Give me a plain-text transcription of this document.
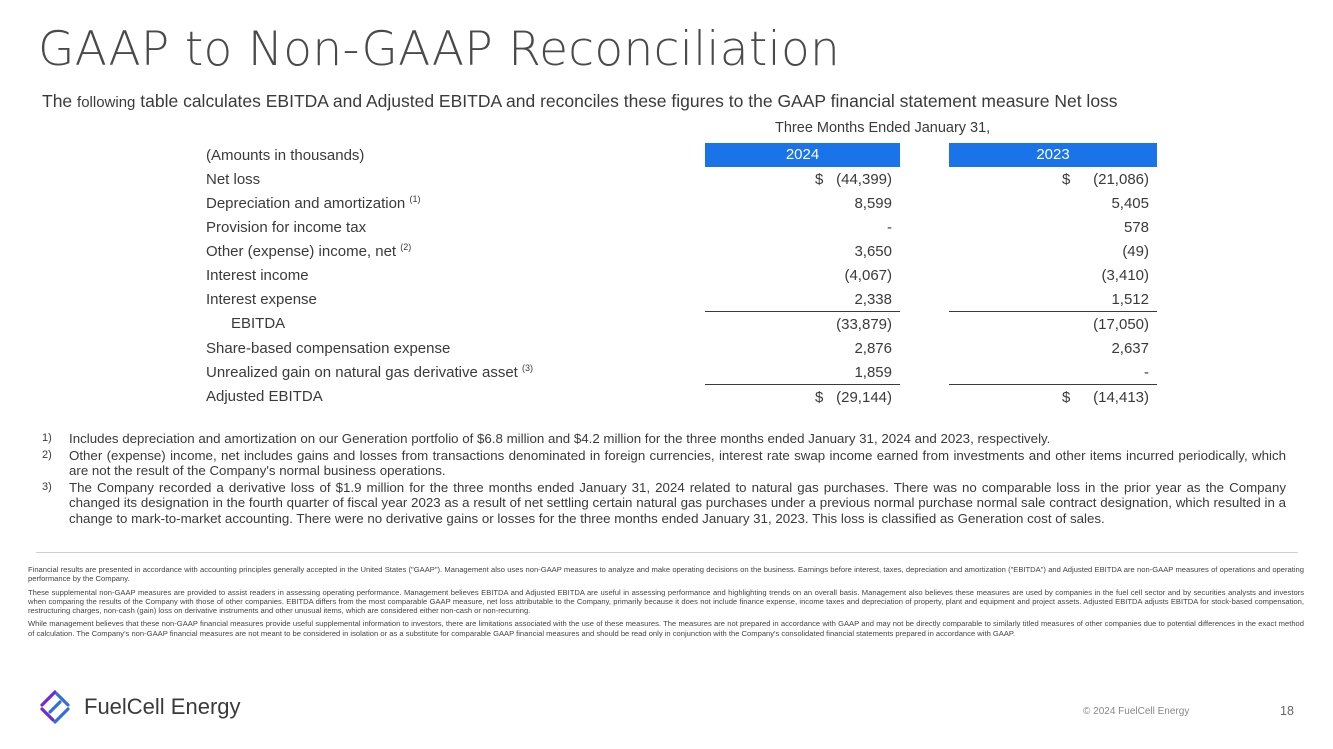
GAAP to Non-GAAP Reconciliation
The following table calculates EBITDA and Adjusted EBITDA and reconciles these figures to the GAAP financial statement measure Net loss
Three Months Ended January 31,
(Amounts in thousands)	2024		2023

Net loss	$ (44,399)		$ (21,086)

Depreciation and amortization $^{(1)}$	8,599		5,405

Provision for income tax	-		578

Other (expense) income, net $^{(2)}$	3,650		(49)

Interest income	(4,067)		(3,410)

Interest expense	2,338		1,512

EBITDA	(33,879)		(17,050)

Share-based compensation expense	2,876		2,637

Unrealized gain on natural gas derivative asset $^{(3)}$	1,859		-

Adjusted EBITDA	$ (29,144)		$ (14,413)
1)	Includes depreciation and amortization on our Generation portfolio of $6.8 million and $4.2 million for the three months ended January 31, 2024 and 2023, respectively.
2)	Other (expense) income, net includes gains and losses from transactions denominated in foreign currencies, interest rate swap income earned from investments and other items incurred periodically, which are not the result of the Company's normal business operations.
3)	The Company recorded a derivative loss of $1.9 million for the three months ended January 31, 2024 related to natural gas purchases. There was no comparable loss in the prior year as the Company changed its designation in the fourth quarter of fiscal year 2023 as a result of net settling certain natural gas purchases under a previous normal purchase normal sale contract designation, which resulted in a change to mark-to-market accounting. There were no derivative gains or losses for the three months ended January 31, 2023. This loss is classified as Generation cost of sales.

Financial results are presented in accordance with accounting principles generally accepted in the United States ("GAAP"). Management also uses non-GAAP measures to analyze and make operating decisions on the business. Earnings before interest, taxes, depreciation and amortization ("EBITDA") and Adjusted EBITDA are non-GAAP measures of operations and operating performance by the Company.

These supplemental non-GAAP measures are provided to assist readers in assessing operating performance. Management believes EBITDA and Adjusted EBITDA are useful in assessing performance and highlighting trends on an overall basis. Management also believes these measures are used by companies in the fuel cell sector and by securities analysts and investors when comparing the results of the Company with those of other companies. EBITDA differs from the most comparable GAAP measure, net loss attributable to the Company, primarily because it does not include finance expense, income taxes and depreciation of property, plant and equipment and project assets. Adjusted EBITDA adjusts EBITDA for stock-based compensation, restructuring charges, non-cash (gain) loss on derivative instruments and other unusual items, which are considered either non-cash or non-recurring.

While management believes that these non-GAAP financial measures provide useful supplemental information to investors, there are limitations associated with the use of these measures. The measures are not prepared in accordance with GAAP and may not be directly comparable to similarly titled measures of other companies due to potential differences in the exact method of calculation. The Company's non-GAAP financial measures are not meant to be considered in isolation or as a substitute for comparable GAAP financial measures and should be read only in conjunction with the Company's consolidated financial statements prepared in accordance with GAAP.

FuelCell Energy	© 2024 FuelCell Energy	18
